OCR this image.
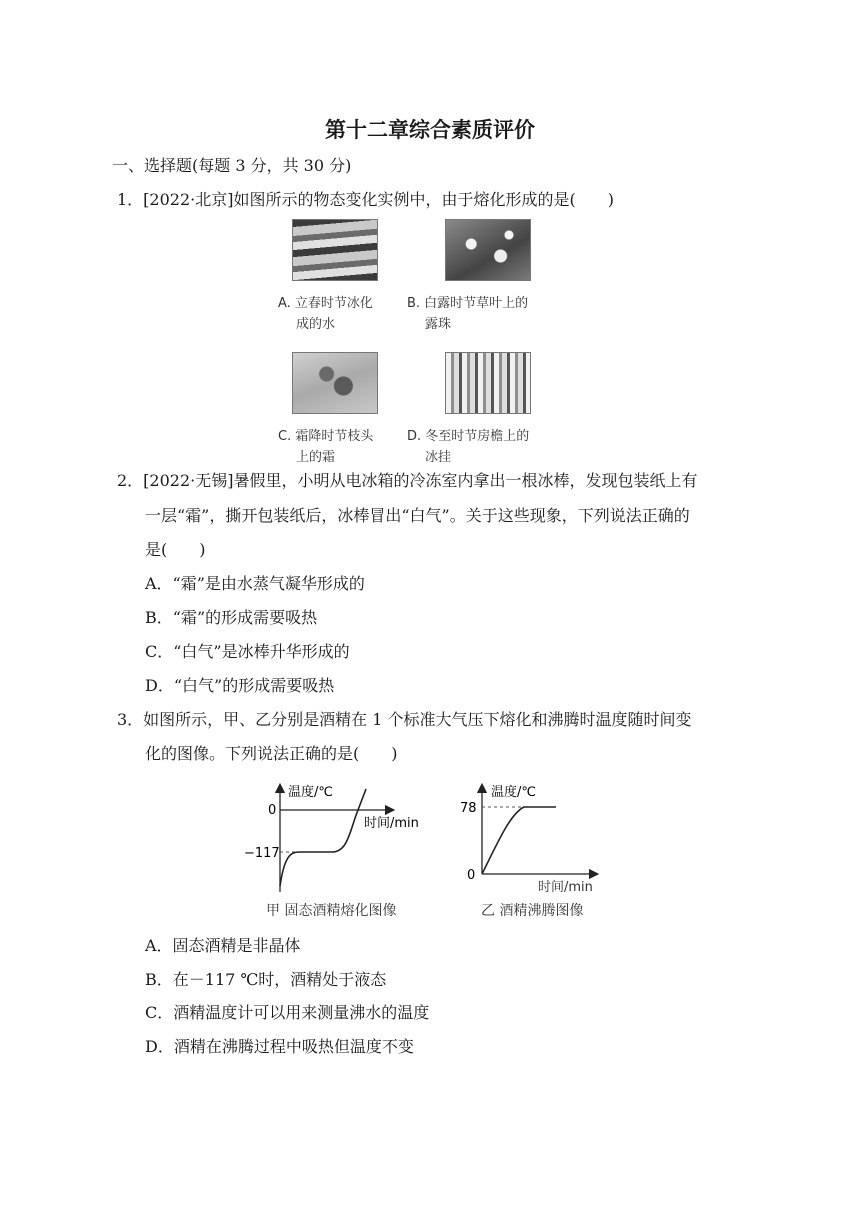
第十二章综合素质评价
一、选择题(每题 3 分，共 30 分)
1．[2022·北京]如图所示的物态变化实例中，由于熔化形成的是(　　)
A. 立春时节冰化
成的水
B. 白露时节草叶上的
露珠
C. 霜降时节枝头
上的霜
D. 冬至时节房檐上的
冰挂
2．[2022·无锡]暑假里，小明从电冰箱的冷冻室内拿出一根冰棒，发现包装纸上有
一层“霜”，撕开包装纸后，冰棒冒出“白气”。关于这些现象，下列说法正确的
是(　　)
A．“霜”是由水蒸气凝华形成的
B．“霜”的形成需要吸热
C．“白气”是冰棒升华形成的
D．“白气”的形成需要吸热
3．如图所示，甲、乙分别是酒精在 1 个标准大气压下熔化和沸腾时温度随时间变
化的图像。下列说法正确的是(　　)
温度/℃
0
−117
时间/min
甲 固态酒精熔化图像
温度/℃
78
0
时间/min
乙 酒精沸腾图像
A．固态酒精是非晶体
B．在－117 ℃时，酒精处于液态
C．酒精温度计可以用来测量沸水的温度
D．酒精在沸腾过程中吸热但温度不变
